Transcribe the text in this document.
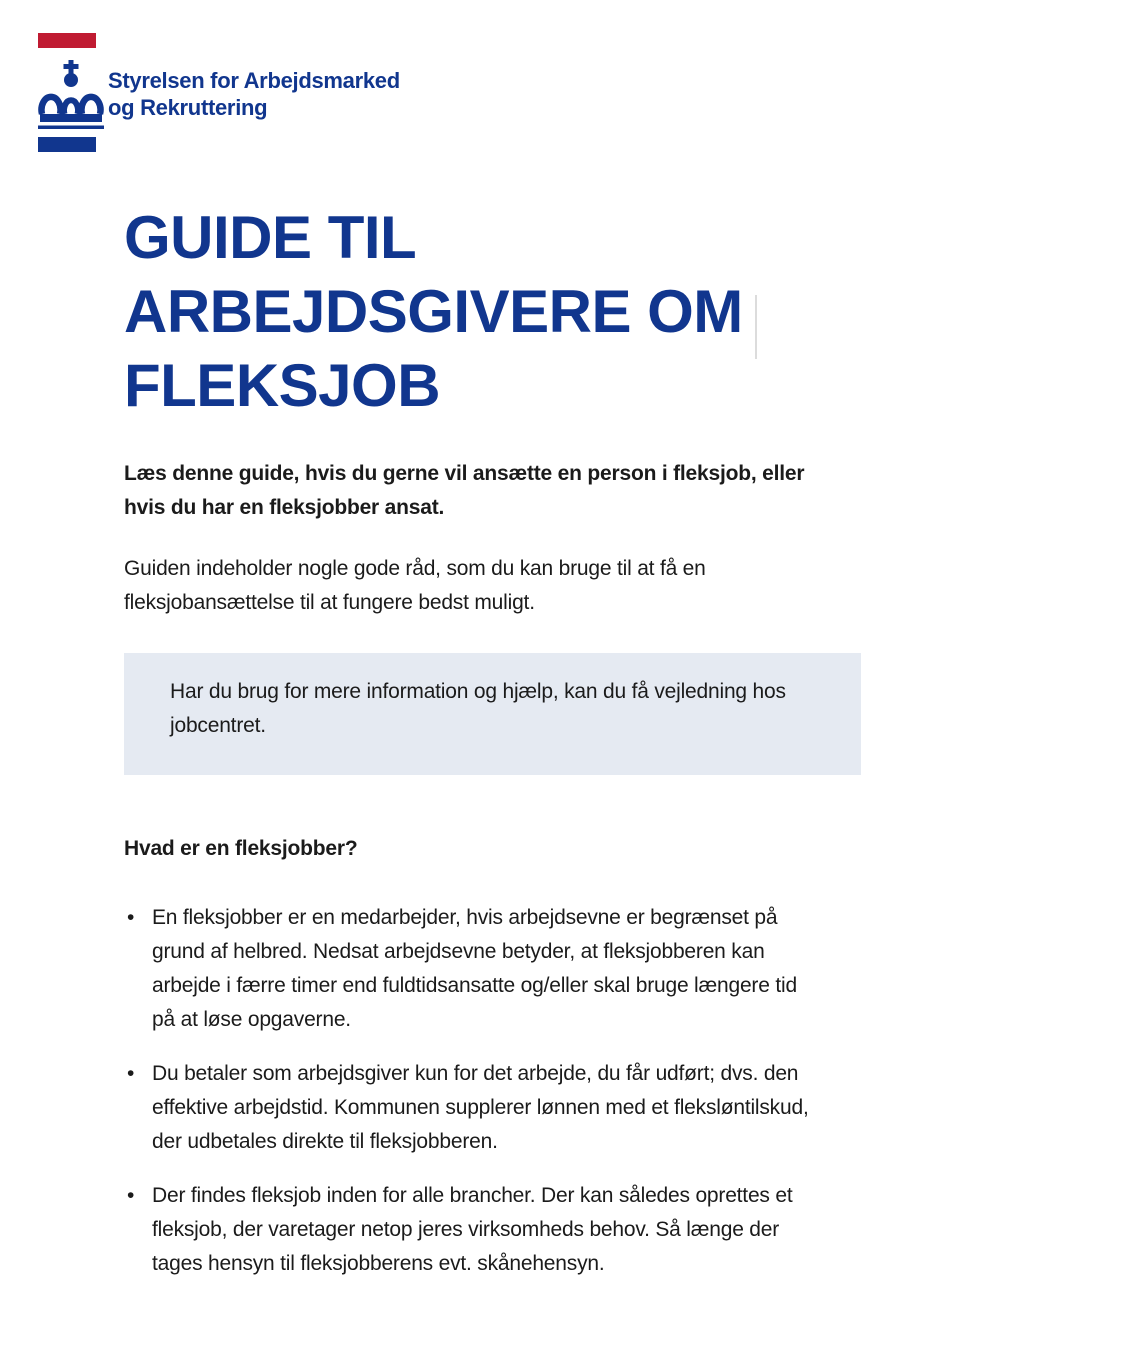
Styrelsen for Arbejdsmarked
og Rekruttering
GUIDE TIL
ARBEJDSGIVERE OM
FLEKSJOB

Læs denne guide, hvis du gerne vil ansætte en person i fleksjob, eller
hvis du har en fleksjobber ansat.

Guiden indeholder nogle gode råd, som du kan bruge til at få en
fleksjobansættelse til at fungere bedst muligt.

Har du brug for mere information og hjælp, kan du få vejledning hos
jobcentret.

Hvad er en fleksjobber?
• En fleksjobber er en medarbejder, hvis arbejdsevne er begrænset på
grund af helbred. Nedsat arbejdsevne betyder, at fleksjobberen kan
arbejde i færre timer end fuldtidsansatte og/eller skal bruge længere tid
på at løse opgaverne.
• Du betaler som arbejdsgiver kun for det arbejde, du får udført; dvs. den
effektive arbejdstid. Kommunen supplerer lønnen med et fleksløntilskud,
der udbetales direkte til fleksjobberen.
• Der findes fleksjob inden for alle brancher. Der kan således oprettes et
fleksjob, der varetager netop jeres virksomheds behov. Så længe der
tages hensyn til fleksjobberens evt. skånehensyn.
